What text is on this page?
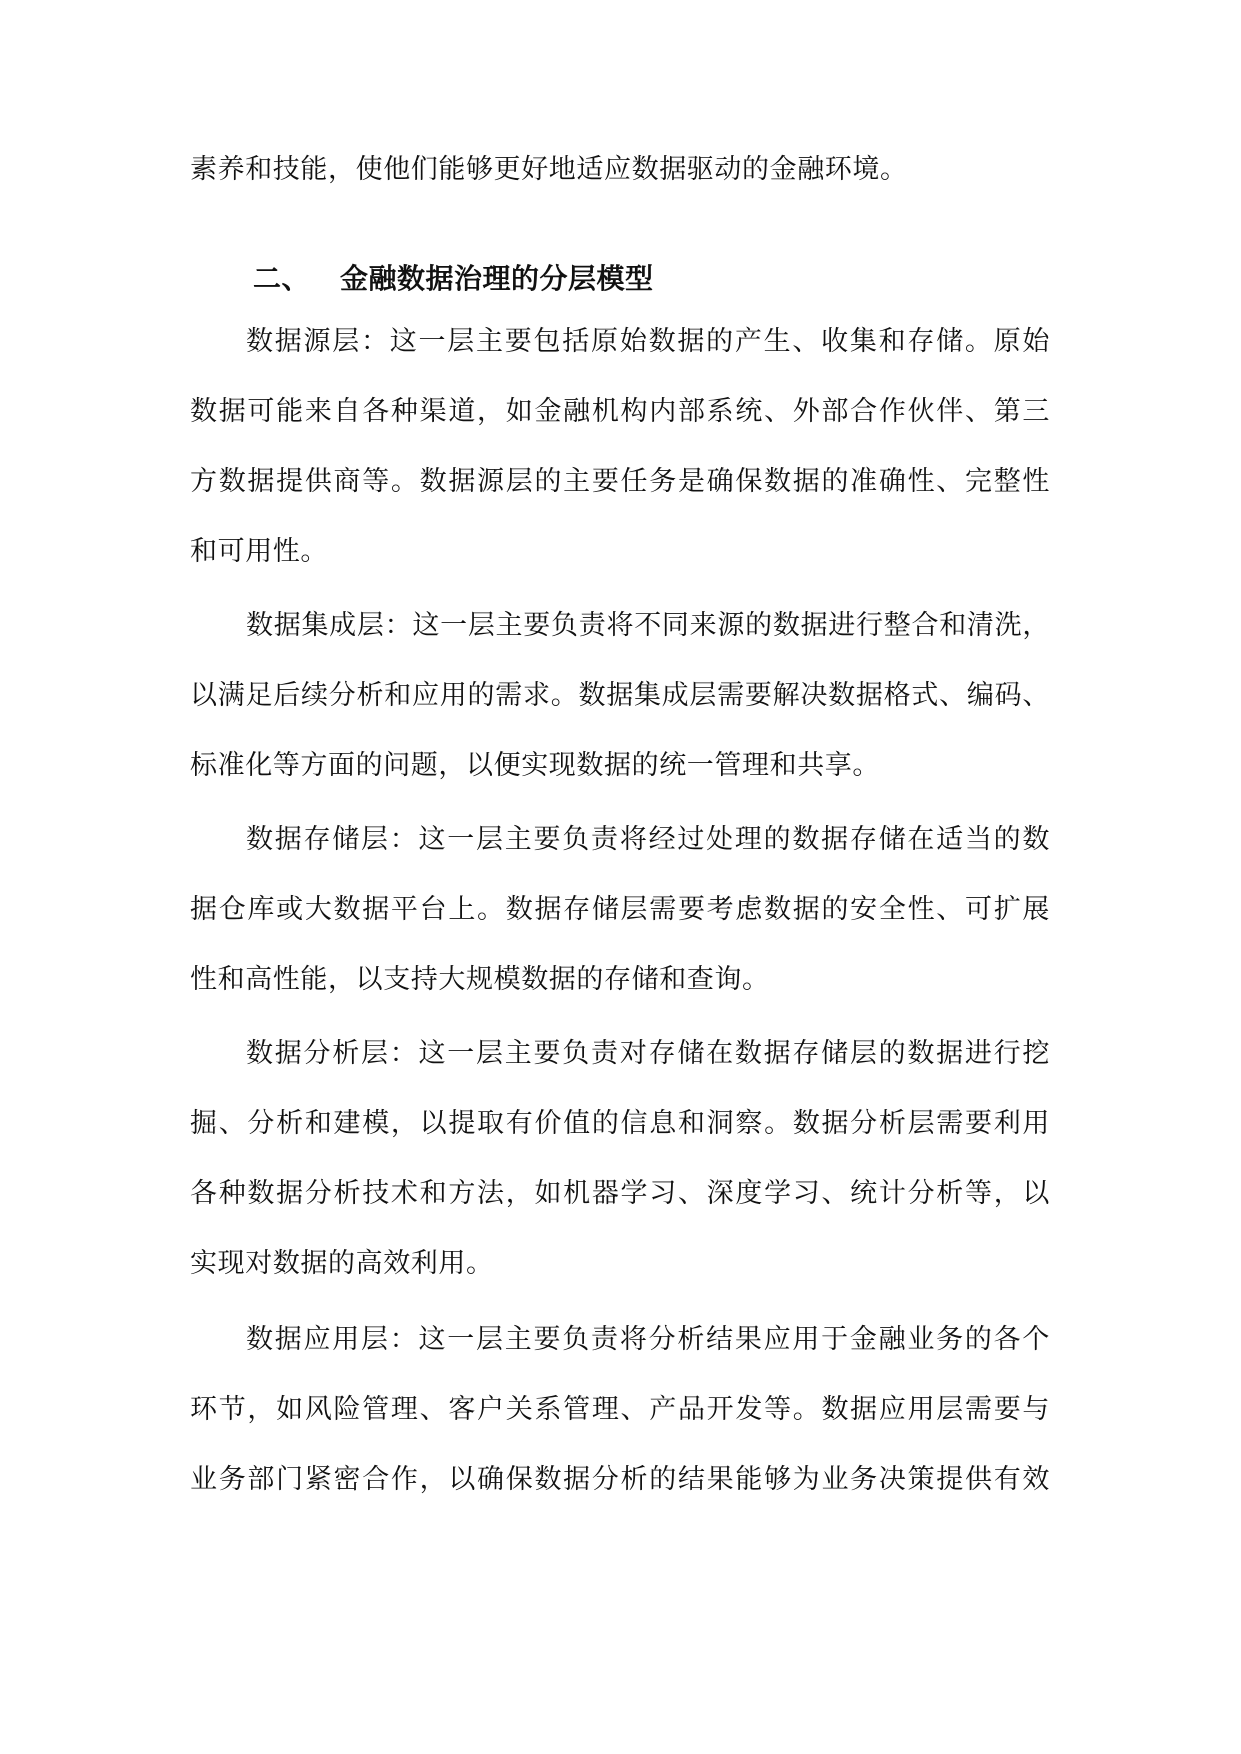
素养和技能，使他们能够更好地适应数据驱动的金融环境。
二、 金融数据治理的分层模型
数据源层：这一层主要包括原始数据的产生、收集和存储。原始
数据可能来自各种渠道，如金融机构内部系统、外部合作伙伴、第三
方数据提供商等。数据源层的主要任务是确保数据的准确性、完整性
和可用性。
数据集成层：这一层主要负责将不同来源的数据进行整合和清洗，
以满足后续分析和应用的需求。数据集成层需要解决数据格式、编码、
标准化等方面的问题，以便实现数据的统一管理和共享。
数据存储层：这一层主要负责将经过处理的数据存储在适当的数
据仓库或大数据平台上。数据存储层需要考虑数据的安全性、可扩展
性和高性能，以支持大规模数据的存储和查询。
数据分析层：这一层主要负责对存储在数据存储层的数据进行挖
掘、分析和建模，以提取有价值的信息和洞察。数据分析层需要利用
各种数据分析技术和方法，如机器学习、深度学习、统计分析等，以
实现对数据的高效利用。
数据应用层：这一层主要负责将分析结果应用于金融业务的各个
环节，如风险管理、客户关系管理、产品开发等。数据应用层需要与
业务部门紧密合作，以确保数据分析的结果能够为业务决策提供有效
